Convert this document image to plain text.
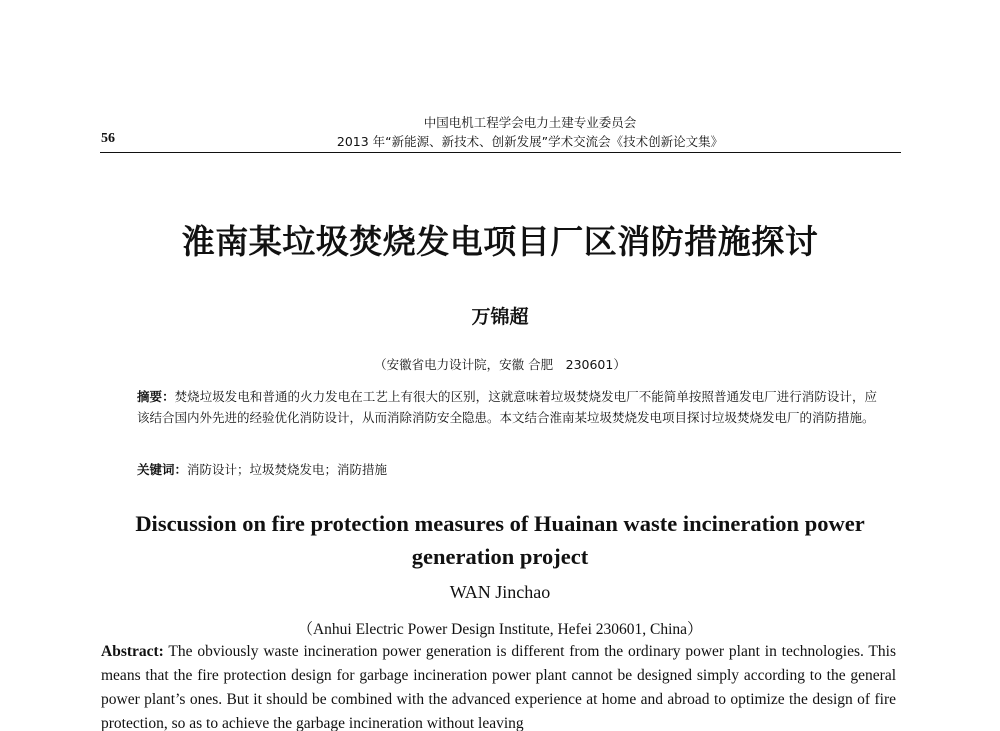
56
中国电机工程学会电力土建专业委员会
2013 年“新能源、新技术、创新发展”学术交流会《技术创新论文集》
淮南某垃圾焚烧发电项目厂区消防措施探讨
万锦超
（安徽省电力设计院，安徽 合肥　230601）
摘要：焚烧垃圾发电和普通的火力发电在工艺上有很大的区别，这就意味着垃圾焚烧发电厂不能简单按照普通发电厂进行消防设计，应该结合国内外先进的经验优化消防设计，从而消除消防安全隐患。本文结合淮南某垃圾焚烧发电项目探讨垃圾焚烧发电厂的消防措施。
关键词：消防设计；垃圾焚烧发电；消防措施
Discussion on fire protection measures of Huainan waste incineration power generation project
WAN Jinchao
（Anhui Electric Power Design Institute, Hefei 230601, China）
Abstract: The obviously waste incineration power generation is different from the ordinary power plant in technologies. This means that the fire protection design for garbage incineration power plant cannot be designed simply according to the general power plant’s ones. But it should be combined with the advanced experience at home and abroad to optimize the design of fire protection, so as to achieve the garbage incineration without leaving
